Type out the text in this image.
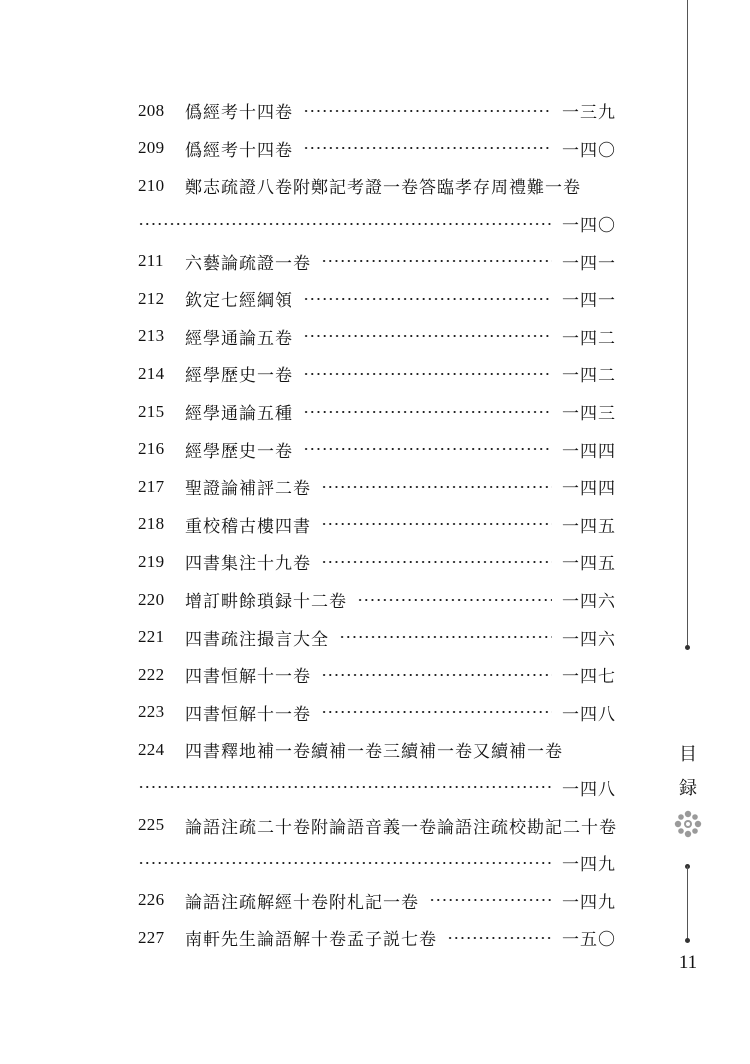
208	僞經考十四卷	一三九
209	僞經考十四卷	一四〇
210	鄭志疏證八卷附鄭記考證一卷答臨孝存周禮難一卷
一四〇
211	六藝論疏證一卷	一四一
212	欽定七經綱領	一四一
213	經學通論五卷	一四二
214	經學歷史一卷	一四二
215	經學通論五種	一四三
216	經學歷史一卷	一四四
217	聖證論補評二卷	一四四
218	重校稽古樓四書	一四五
219	四書集注十九卷	一四五
220	增訂畊餘瑣録十二卷	一四六
221	四書疏注撮言大全	一四六
222	四書恒解十一卷	一四七
223	四書恒解十一卷	一四八
224	四書釋地補一卷續補一卷三續補一卷又續補一卷
一四八
225	論語注疏二十卷附論語音義一卷論語注疏校勘記二十卷
一四九
226	論語注疏解經十卷附札記一卷	一四九
227	南軒先生論語解十卷孟子説七卷	一五〇
目
録
11
